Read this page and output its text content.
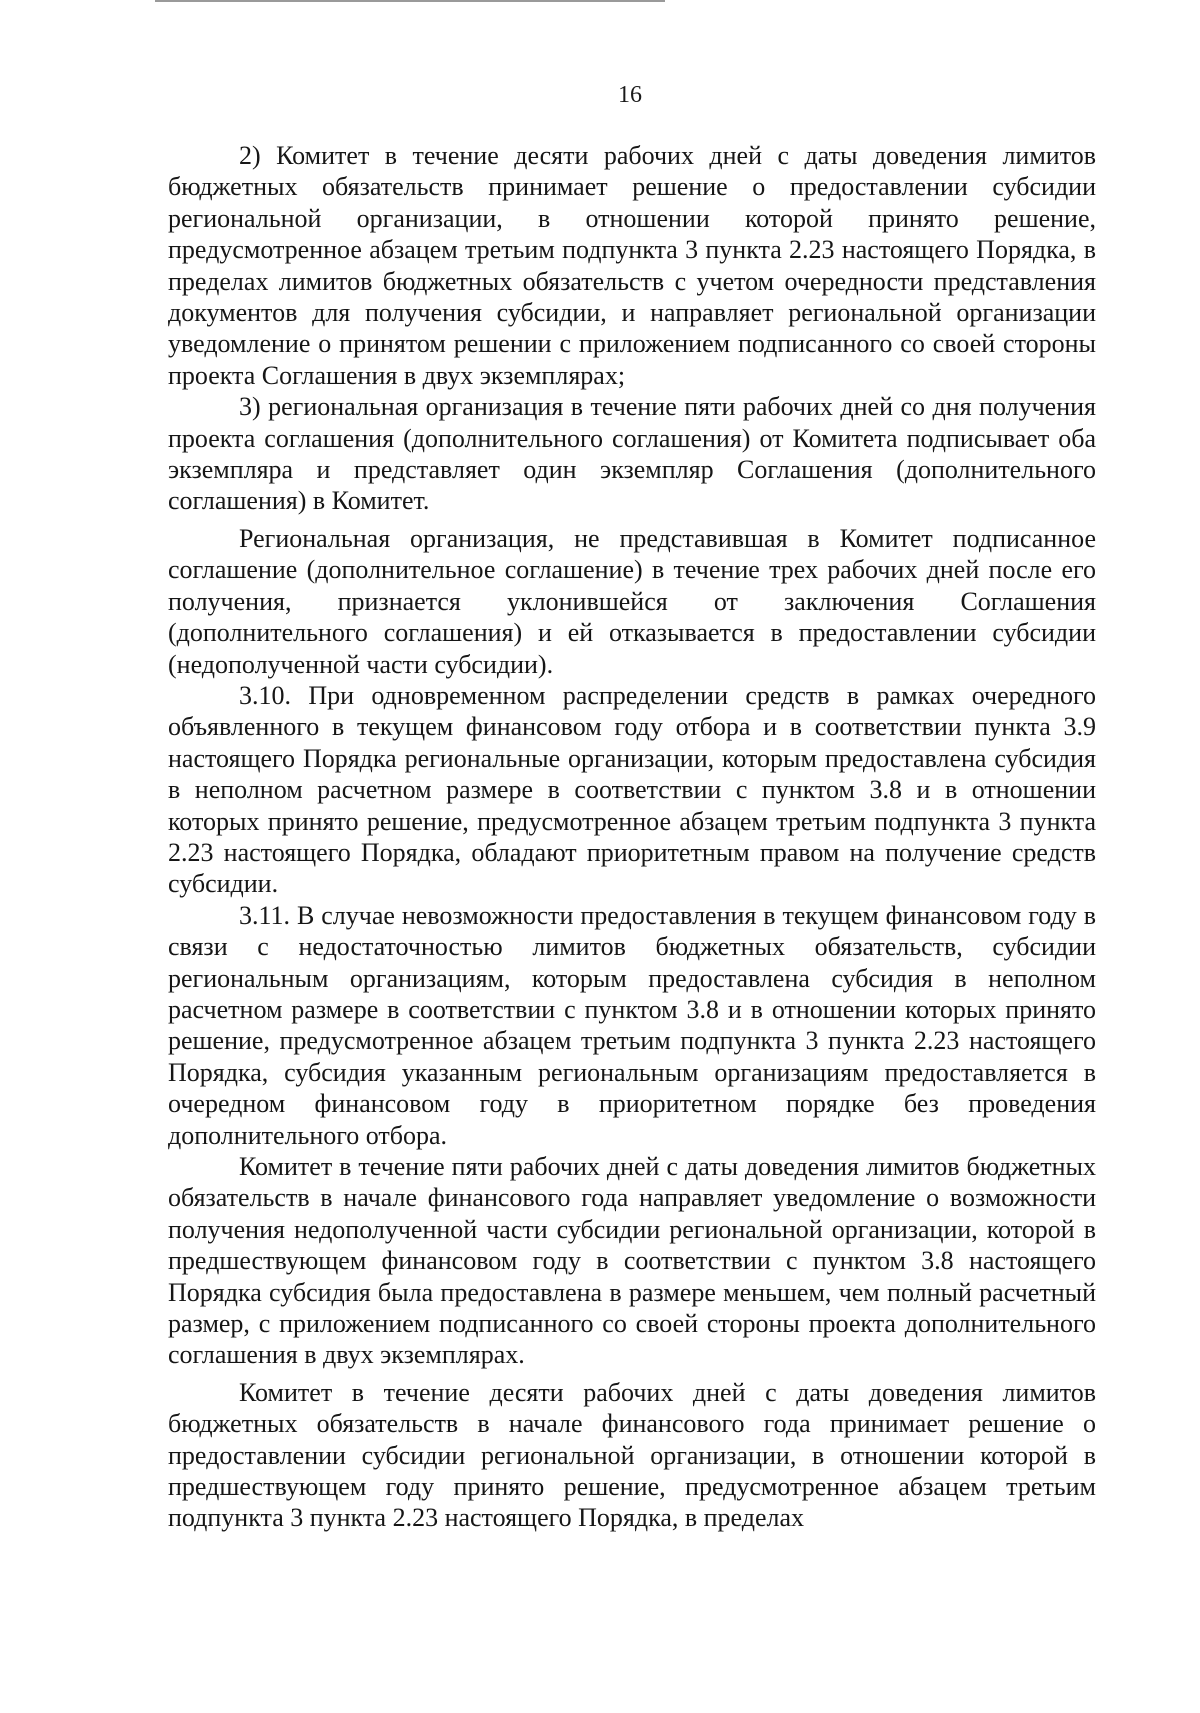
16

2) Комитет в течение десяти рабочих дней с даты доведения лимитов бюджетных обязательств принимает решение о предоставлении субсидии региональной организации, в отношении которой принято решение, предусмотренное абзацем третьим подпункта 3 пункта 2.23 настоящего Порядка, в пределах лимитов бюджетных обязательств с учетом очередности представления документов для получения субсидии, и направляет региональной организации уведомление о принятом решении с приложением подписанного со своей стороны проекта Соглашения в двух экземплярах;

3) региональная организация в течение пяти рабочих дней со дня получения проекта соглашения (дополнительного соглашения) от Комитета подписывает оба экземпляра и представляет один экземпляр Соглашения (дополнительного соглашения) в Комитет.

Региональная организация, не представившая в Комитет подписанное соглашение (дополнительное соглашение) в течение трех рабочих дней после его получения, признается уклонившейся от заключения Соглашения (дополнительного соглашения) и ей отказывается в предоставлении субсидии (недополученной части субсидии).

3.10. При одновременном распределении средств в рамках очередного объявленного в текущем финансовом году отбора и в соответствии пункта 3.9 настоящего Порядка региональные организации, которым предоставлена субсидия в неполном расчетном размере в соответствии с пунктом 3.8 и в отношении которых принято решение, предусмотренное абзацем третьим подпункта 3 пункта 2.23 настоящего Порядка, обладают приоритетным правом на получение средств субсидии.

3.11. В случае невозможности предоставления в текущем финансовом году в связи с недостаточностью лимитов бюджетных обязательств, субсидии региональным организациям, которым предоставлена субсидия в неполном расчетном размере в соответствии с пунктом 3.8 и в отношении которых принято решение, предусмотренное абзацем третьим подпункта 3 пункта 2.23 настоящего Порядка, субсидия указанным региональным организациям предоставляется в очередном финансовом году в приоритетном порядке без проведения дополнительного отбора.

Комитет в течение пяти рабочих дней с даты доведения лимитов бюджетных обязательств в начале финансового года направляет уведомление о возможности получения недополученной части субсидии региональной организации, которой в предшествующем финансовом году в соответствии с пунктом 3.8 настоящего Порядка субсидия была предоставлена в размере меньшем, чем полный расчетный размер, с приложением подписанного со своей стороны проекта дополнительного соглашения в двух экземплярах.

Комитет в течение десяти рабочих дней с даты доведения лимитов бюджетных обязательств в начале финансового года принимает решение о предоставлении субсидии региональной организации, в отношении которой в предшествующем году принято решение, предусмотренное абзацем третьим подпункта 3 пункта 2.23 настоящего Порядка, в пределах
